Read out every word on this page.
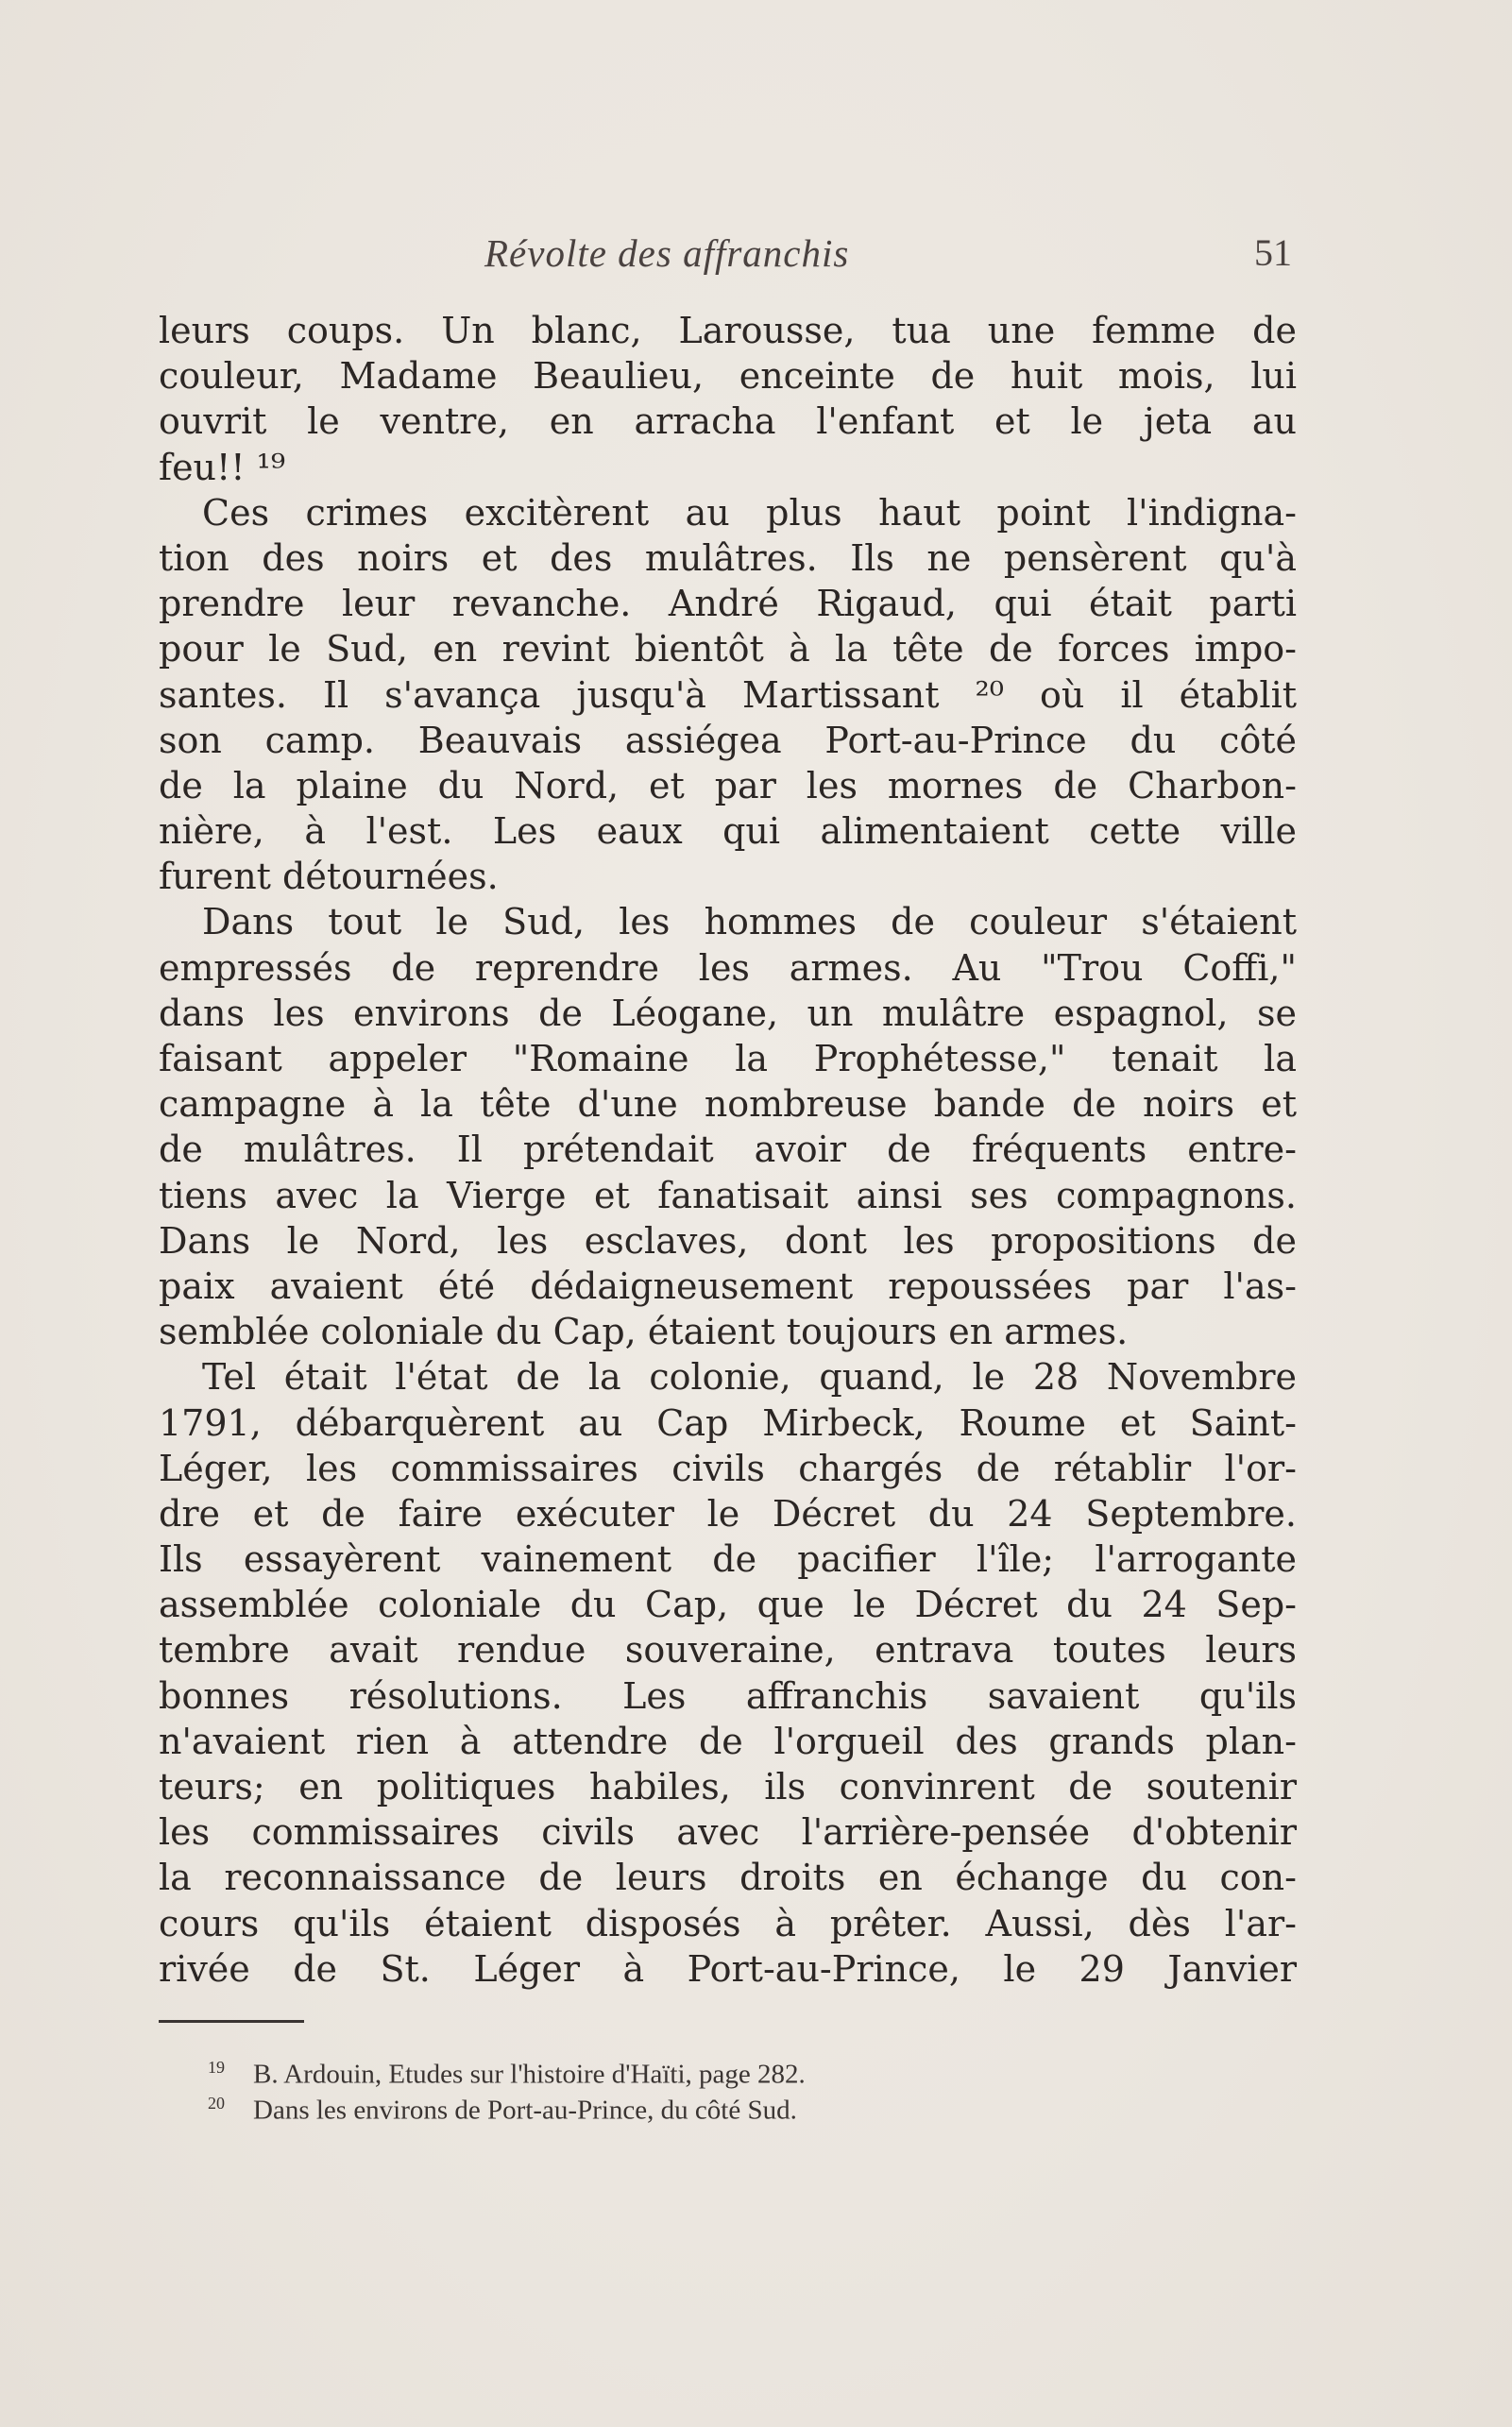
Révolte des affranchis	51
leurs coups. Un blanc, Larousse, tua une femme de
couleur, Madame Beaulieu, enceinte de huit mois, lui
ouvrit le ventre, en arracha l'enfant et le jeta au
feu!! ¹⁹
Ces crimes excitèrent au plus haut point l'indigna-
tion des noirs et des mulâtres. Ils ne pensèrent qu'à
prendre leur revanche. André Rigaud, qui était parti
pour le Sud, en revint bientôt à la tête de forces impo-
santes. Il s'avança jusqu'à Martissant ²⁰ où il établit
son camp. Beauvais assiégea Port-au-Prince du côté
de la plaine du Nord, et par les mornes de Charbon-
nière, à l'est. Les eaux qui alimentaient cette ville
furent détournées.
Dans tout le Sud, les hommes de couleur s'étaient
empressés de reprendre les armes. Au "Trou Coffi,"
dans les environs de Léogane, un mulâtre espagnol, se
faisant appeler "Romaine la Prophétesse," tenait la
campagne à la tête d'une nombreuse bande de noirs et
de mulâtres. Il prétendait avoir de fréquents entre-
tiens avec la Vierge et fanatisait ainsi ses compagnons.
Dans le Nord, les esclaves, dont les propositions de
paix avaient été dédaigneusement repoussées par l'as-
semblée coloniale du Cap, étaient toujours en armes.
Tel était l'état de la colonie, quand, le 28 Novembre
1791, débarquèrent au Cap Mirbeck, Roume et Saint-
Léger, les commissaires civils chargés de rétablir l'or-
dre et de faire exécuter le Décret du 24 Septembre.
Ils essayèrent vainement de pacifier l'île; l'arrogante
assemblée coloniale du Cap, que le Décret du 24 Sep-
tembre avait rendue souveraine, entrava toutes leurs
bonnes résolutions. Les affranchis savaient qu'ils
n'avaient rien à attendre de l'orgueil des grands plan-
teurs; en politiques habiles, ils convinrent de soutenir
les commissaires civils avec l'arrière-pensée d'obtenir
la reconnaissance de leurs droits en échange du con-
cours qu'ils étaient disposés à prêter. Aussi, dès l'ar-
rivée de St. Léger à Port-au-Prince, le 29 Janvier
19 B. Ardouin, Etudes sur l'histoire d'Haïti, page 282.
20 Dans les environs de Port-au-Prince, du côté Sud.
